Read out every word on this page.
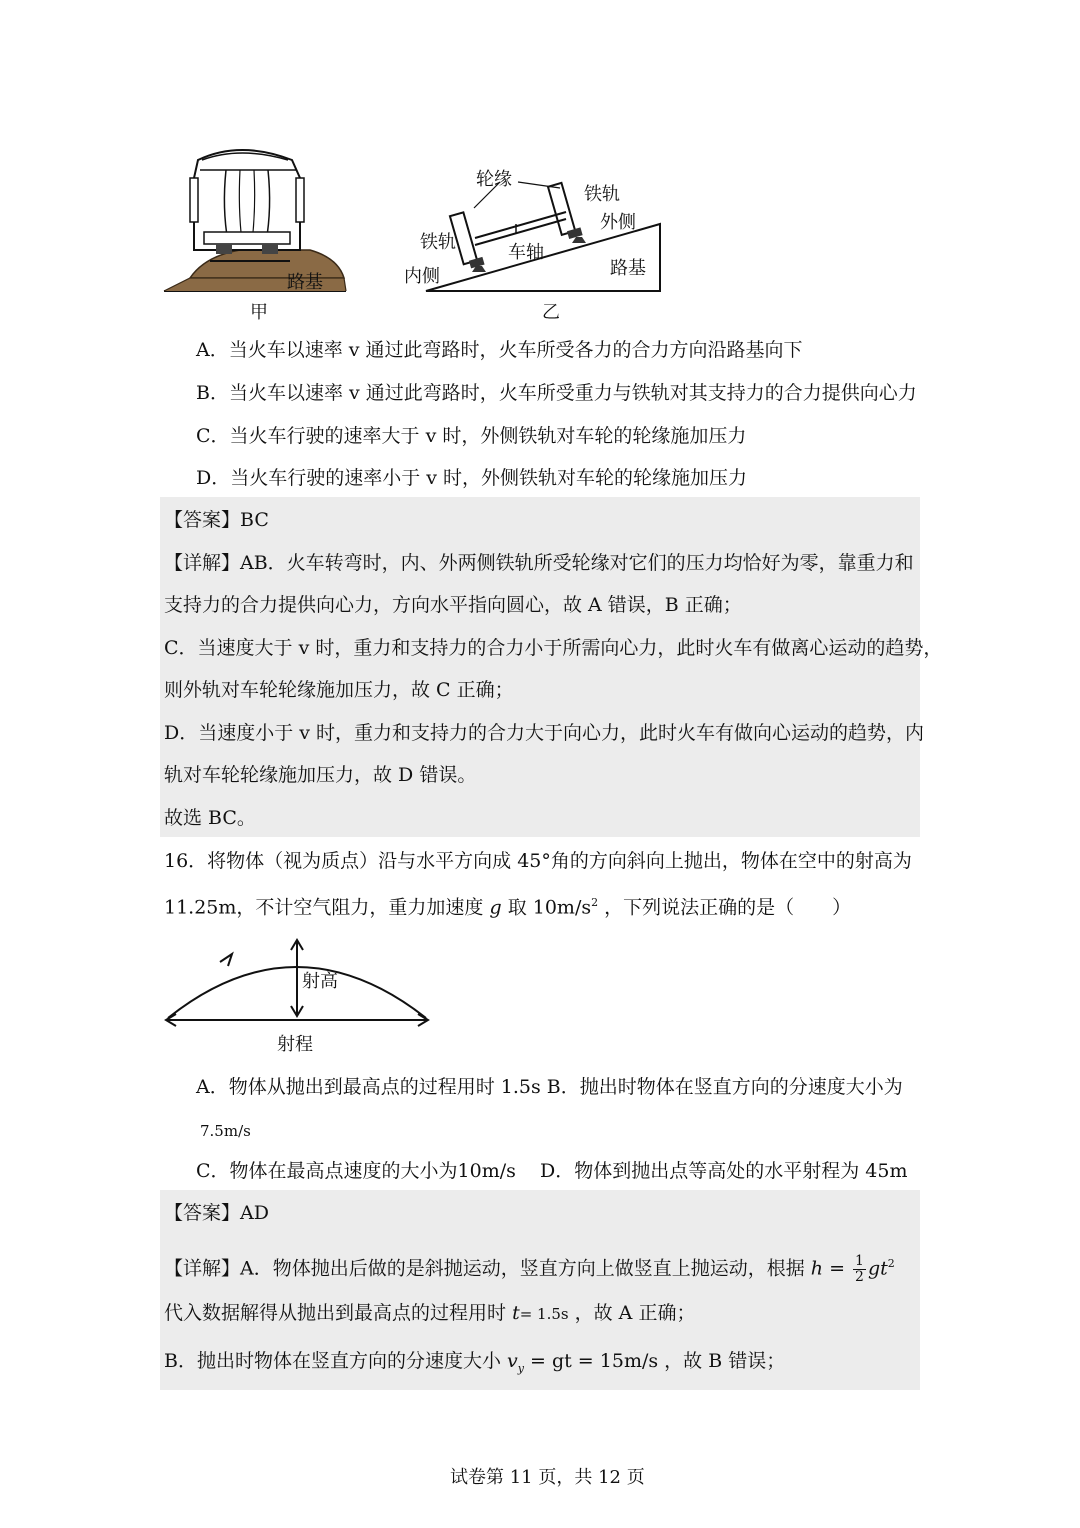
路基
甲
轮缘
铁轨
外侧
铁轨	车轴
内侧	路基
乙
A．当火车以速率 v 通过此弯路时，火车所受各力的合力方向沿路基向下
B．当火车以速率 v 通过此弯路时，火车所受重力与铁轨对其支持力的合力提供向心力
C．当火车行驶的速率大于 v 时，外侧铁轨对车轮的轮缘施加压力
D．当火车行驶的速率小于 v 时，外侧铁轨对车轮的轮缘施加压力
【答案】BC
【详解】AB．火车转弯时，内、外两侧铁轨所受轮缘对它们的压力均恰好为零，靠重力和
支持力的合力提供向心力，方向水平指向圆心，故 A 错误，B 正确；
C．当速度大于 v 时，重力和支持力的合力小于所需向心力，此时火车有做离心运动的趋势，
则外轨对车轮轮缘施加压力，故 C 正确；
D．当速度小于 v 时，重力和支持力的合力大于向心力，此时火车有做向心运动的趋势，内
轨对车轮轮缘施加压力，故 D 错误。
故选 BC。
16．将物体（视为质点）沿与水平方向成 45°角的方向斜向上抛出，物体在空中的射高为
11.25m，不计空气阻力，重力加速度 g 取 $10m/s^2$ ，下列说法正确的是（　　）
射高
射程
A．物体从抛出到最高点的过程用时 1.5s B．抛出时物体在竖直方向的分速度大小为
7.5m/s
C．物体在最高点速度的大小为10m/s D．物体到抛出点等高处的水平射程为 45m
【答案】AD
【详解】A．物体抛出后做的是斜抛运动，竖直方向上做竖直上抛运动，根据 $h = \frac{1}{2} gt^2$
代入数据解得从抛出到最高点的过程用时 t= 1.5s ，故 A 正确；
B．抛出时物体在竖直方向的分速度大小 $v_y$ = gt = 15m/s ，故 B 错误；
试卷第 11 页，共 12 页
